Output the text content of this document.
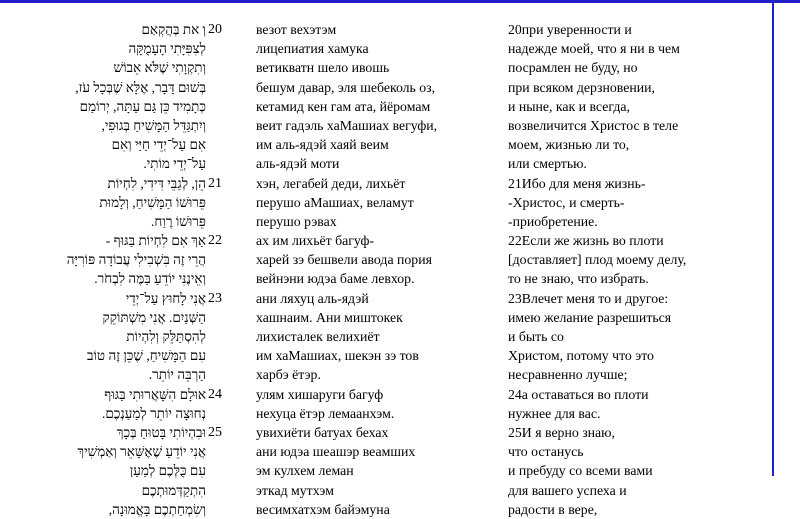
וְ את בְּהֲקְאַם 20 везот вехэтэм	20при уверенности и
לְצִפִּיָּתִי הָעָמֻקָּה	лицепиатия хамука	надежде моей, что я ни в чем
וְתִקְוָתִי שֶׁלֹּא אֵבוֹשׁ	ветикватн шело ивошь	посрамлен не буду, но
בְּשׁוּם דָּבָר, אֶלָּא שֶׁבְּכָל עֹז,	бешум давар, эля шебеколь оз,	при всяком дерзновении,
כְּתָמִיד כֵּן גַּם עַתָּה, יְרוֹמַם	кетамид кен гам ата, йёромам	и ныне, как и всегда,
וְיִתְגַּדֵּל הַמָּשִׁיחַ בְּגוּפִי,	веит гадэль хаМашиах вегуфи,	возвеличится Христос в теле
אִם עַל־יְדֵי חַיַּי וְאִם	им аль-ядэй хаяй веим	моем, жизнью ли то,
עַל־יְדֵי מוֹתִי.	аль-ядэй моти	или смертью.
הֵן, לְגַבֵּי דִּידִי, לִחְיוֹת 21 хэн, легабей деди, лихьёт	21Ибо для меня жизнь-
פֵּרוּשׁוֹ הַמָּשִׁיחַ, וְלָמוּת	перушо аМашиах, веламут	-Христос, и смерть-
פֵּרוּשׁוֹ רֶוַח.	перушо рэвах	-приобретение.
אַךְ אִם לִחְיוֹת בַּגּוּף - 22 ах им лихьёт багуф-	22Если же жизнь во плоти
הֲרֵי זֶה בִּשְׁבִילִי עֲבוֹדָה פּוֹרִיָּה	харей зэ бешвели авода пория	[доставляет] плод моему делу,
וְאֵינֶנִּי יוֹדֵעַ בַּמֶּה לִבְחֹר.	вейнэни юдэа баме левхор.	то не знаю, что избрать.
אֲנִי לָחוּץ עַל־יְדֵי 23 ани ляхуц аль-ядэй	23Влечет меня то и другое:
הַשְּׁנַיִם. אֲנִי מִשְׁתּוֹקֵק	хашнаим. Ани миштокек	имею желание разрешиться
לְהִסְתַּלֵּק וְלִהְיוֹת	лихисталек велихиёт	и быть со
עִם הַמָּשִׁיחַ, שֶׁכֵּן זֶה טוֹב	им хаМашиах, шекэн зэ тов	Христом, потому что это
הַרְבֵּה יוֹתֵר.	харбэ ётэр.	несравненно лучше;
אוּלָם הִשָּׁאֲרוּתִי בַּגּוּף 24 улям хишаруги багуф	24а оставаться во плоти
נְחוּצָה יוֹתֵר לְמַעַנְכֶם.	нехуца ётэр лемаанхэм.	нужнее для вас.
וּבִהְיוֹתִי בָּטוּחַ בְּכָךְ 25 увихиёти батуах бехах	25И я верно знаю,
אֲנִי יוֹדֵעַ שֶׁאֶשָּׁאֵר וְאַמְשִׁיךְ	ани юдэа шеашэр веамших	что останусь
עִם כֻּלְּכֶם לְמַעַן	эм кулхем леман	и пребуду со всеми вами
הִתְקַדְּמוּתְכֶם	эткад мутхэм	для вашего успеха и
וְשִׂמְחַתְכֶם בָּאֱמוּנָה,	весимхатхэм байэмуна	радости в вере,
